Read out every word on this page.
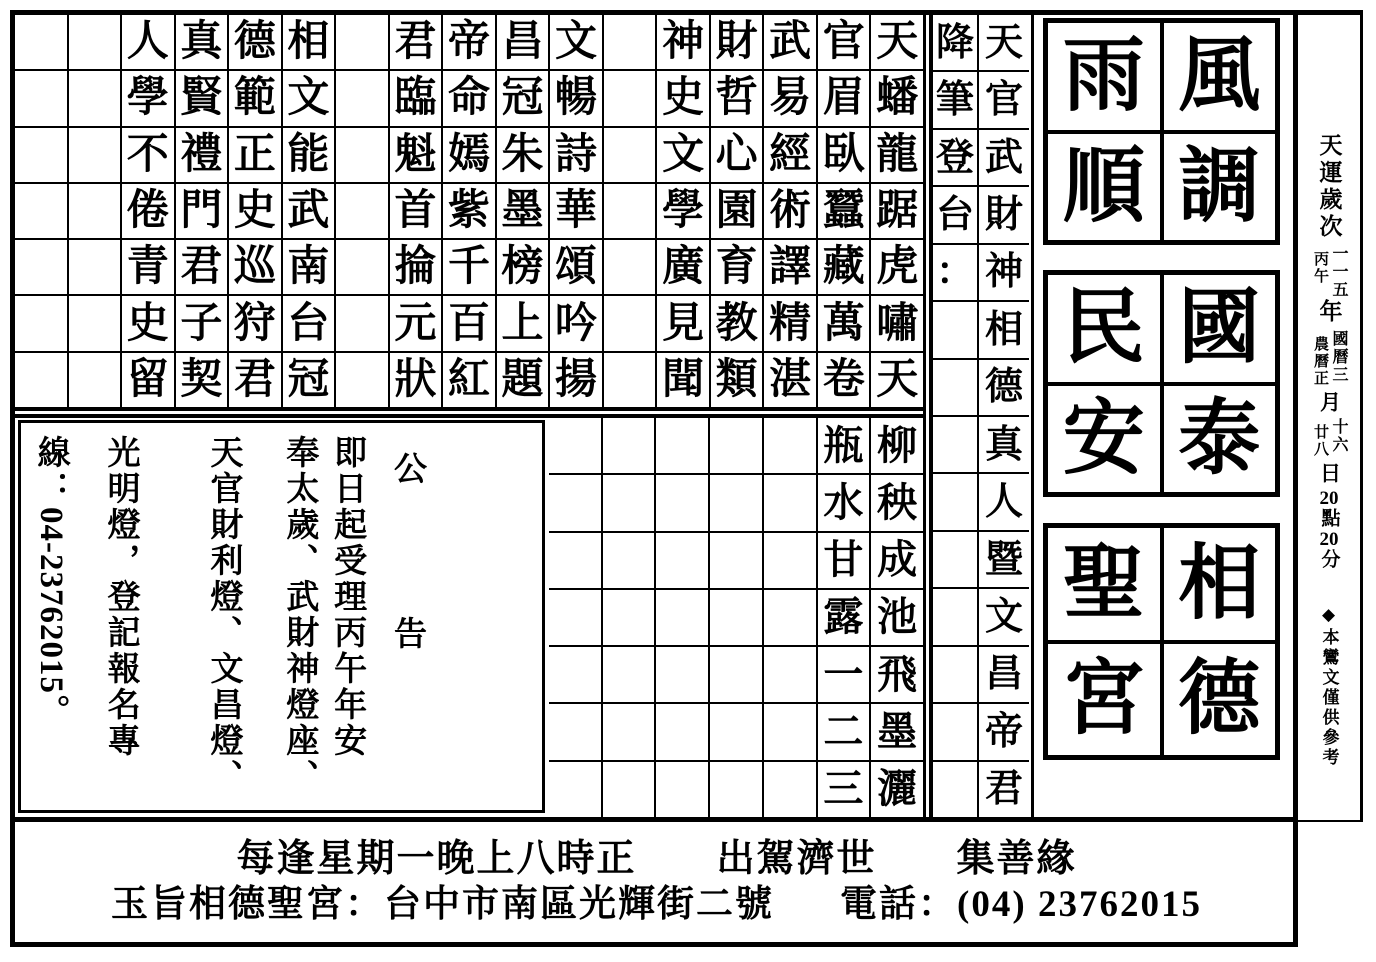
人
學
不
倦
青
史
留
真
賢
禮
門
君
子
契
德
範
正
史
巡
狩
君
相
文
能
武
南
台
冠
君
臨
魁
首
掄
元
狀
帝
命
嫣
紫
千
百
紅
昌
冠
朱
墨
榜
上
題
文
暢
詩
華
頌
吟
揚
神
史
文
學
廣
見
聞
財
哲
心
園
育
教
類
武
易
經
術
譯
精
湛
官
眉
臥
蠶
藏
萬
卷
天
蟠
龍
踞
虎
嘯
天
降
筆
登
台
：
天
官
武
財
神
相
德
真
人
暨
文
昌
帝
君
瓶
水
甘
露
一
二
三
柳
秧
成
池
飛
墨
灑

公　告

即日起受理丙午年安

奉太歲、武財神燈座、

天官財利燈、文昌燈、

光明燈，登記報名專

線：04-23762015。

雨 風
順 調
民 國
安 泰
聖 相
宮 德
天運歲次
丙午 一一五
年
農曆正 國曆三
月
廿八 十六
日
20點20分
◆本鸞文僅供參考
每逢星期一晚上八時正　　出駕濟世　　集善緣
玉旨相德聖宮：台中市南區光輝街二號 電話：(04) 23762015
